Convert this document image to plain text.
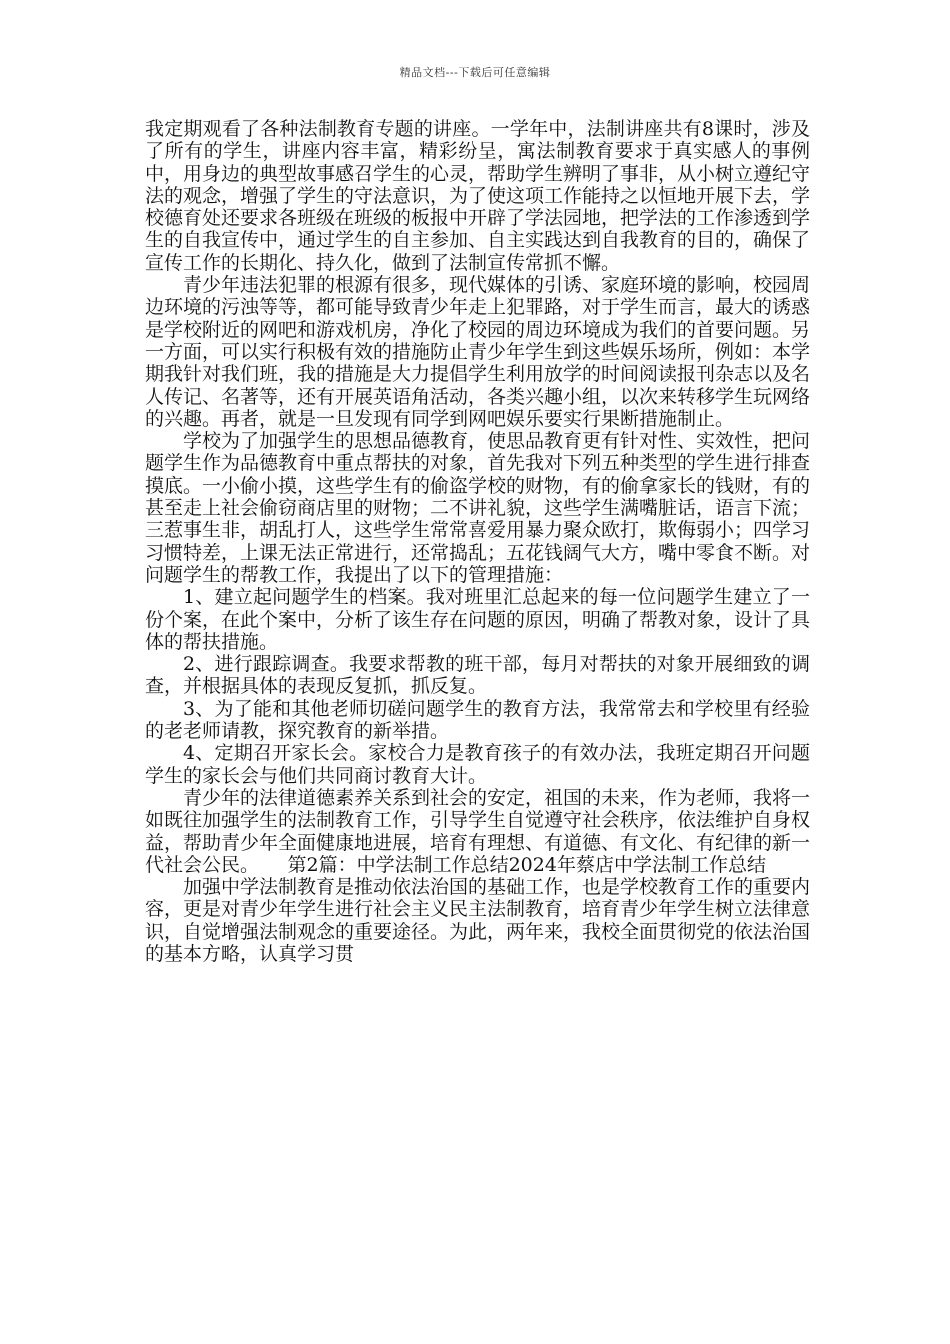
精品文档---下载后可任意编辑

我定期观看了各种法制教育专题的讲座。一学年中，法制讲座共有8课时，涉及了所有的学生，讲座内容丰富，精彩纷呈，寓法制教育要求于真实感人的事例中，用身边的典型故事感召学生的心灵，帮助学生辨明了事非，从小树立遵纪守法的观念，增强了学生的守法意识，为了使这项工作能持之以恒地开展下去，学校德育处还要求各班级在班级的板报中开辟了学法园地，把学法的工作渗透到学生的自我宣传中，通过学生的自主参加、自主实践达到自我教育的目的，确保了宣传工作的长期化、持久化，做到了法制宣传常抓不懈。

青少年违法犯罪的根源有很多，现代媒体的引诱、家庭环境的影响，校园周边环境的污浊等等，都可能导致青少年走上犯罪路，对于学生而言，最大的诱惑是学校附近的网吧和游戏机房，净化了校园的周边环境成为我们的首要问题。另一方面，可以实行积极有效的措施防止青少年学生到这些娱乐场所，例如：本学期我针对我们班，我的措施是大力提倡学生利用放学的时间阅读报刊杂志以及名人传记、名著等，还有开展英语角活动，各类兴趣小组，以次来转移学生玩网络的兴趣。再者，就是一旦发现有同学到网吧娱乐要实行果断措施制止。

学校为了加强学生的思想品德教育，使思品教育更有针对性、实效性，把问题学生作为品德教育中重点帮扶的对象，首先我对下列五种类型的学生进行排查摸底。一小偷小摸，这些学生有的偷盗学校的财物，有的偷拿家长的钱财，有的甚至走上社会偷窃商店里的财物；二不讲礼貌，这些学生满嘴脏话，语言下流；三惹事生非，胡乱打人，这些学生常常喜爱用暴力聚众欧打，欺侮弱小；四学习习惯特差，上课无法正常进行，还常捣乱；五花钱阔气大方，嘴中零食不断。对问题学生的帮教工作，我提出了以下的管理措施：

1、建立起问题学生的档案。我对班里汇总起来的每一位问题学生建立了一份个案，在此个案中，分析了该生存在问题的原因，明确了帮教对象，设计了具体的帮扶措施。

2、进行跟踪调查。我要求帮教的班干部，每月对帮扶的对象开展细致的调查，并根据具体的表现反复抓，抓反复。

3、为了能和其他老师切磋问题学生的教育方法，我常常去和学校里有经验的老老师请教，探究教育的新举措。

4、定期召开家长会。家校合力是教育孩子的有效办法，我班定期召开问题学生的家长会与他们共同商讨教育大计。

青少年的法律道德素养关系到社会的安定，祖国的未来，作为老师，我将一如既往加强学生的法制教育工作，引导学生自觉遵守社会秩序，依法维护自身权益，帮助青少年全面健康地进展，培育有理想、有道德、有文化、有纪律的新一代社会公民。　　第2篇：中学法制工作总结2024年蔡店中学法制工作总结

加强中学法制教育是推动依法治国的基础工作，也是学校教育工作的重要内容，更是对青少年学生进行社会主义民主法制教育，培育青少年学生树立法律意识，自觉增强法制观念的重要途径。为此，两年来，我校全面贯彻党的依法治国的基本方略，认真学习贯
